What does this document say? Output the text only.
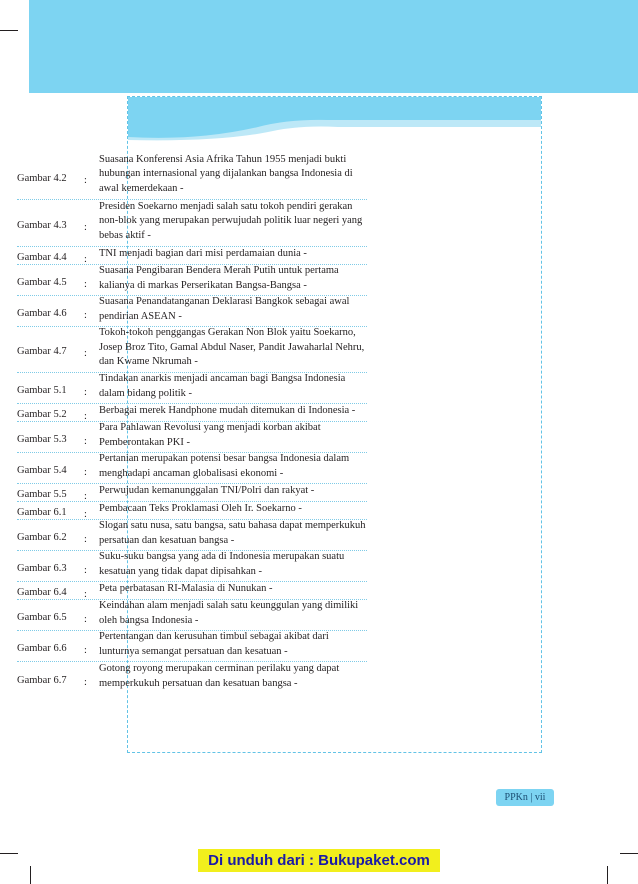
Gambar 4.2 :
Suasana Konferensi Asia Afrika Tahun 1955 menjadi bukti hubungan internasional yang dijalankan bangsa Indonesia di awal kemerdekaan -
Gambar 4.3 :
Presiden Soekarno menjadi salah satu tokoh pendiri gerakan non-blok yang merupakan perwujudah politik luar negeri yang bebas aktif -
Gambar 4.4 :
TNI menjadi bagian dari misi perdamaian dunia -
Gambar 4.5 :
Suasana Pengibaran Bendera Merah Putih untuk pertama kalianya di markas Perserikatan Bangsa-Bangsa -
Gambar 4.6 :
Suasana Penandatanganan Deklarasi Bangkok sebagai awal pendirian ASEAN -
Gambar 4.7 :
Tokoh-tokoh penggangas Gerakan Non Blok yaitu Soekarno, Josep Broz Tito, Gamal Abdul Naser, Pandit Jawaharlal Nehru, dan Kwame Nkrumah -
Gambar 5.1 :
Tindakan anarkis menjadi ancaman bagi Bangsa Indonesia dalam bidang politik -
Gambar 5.2 :
Berbagai merek Handphone mudah ditemukan di Indonesia -
Gambar 5.3 :
Para Pahlawan Revolusi yang menjadi korban akibat Pemberontakan PKI -
Gambar 5.4 :
Pertanian merupakan potensi besar bangsa Indonesia dalam menghadapi ancaman globalisasi ekonomi -
Gambar 5.5 :
Perwujudan kemanunggalan TNI/Polri dan rakyat -
Gambar 6.1 :
Pembacaan Teks Proklamasi Oleh Ir. Soekarno -
Gambar 6.2 :
Slogan satu nusa, satu bangsa, satu bahasa dapat memperkukuh persatuan dan kesatuan bangsa -
Gambar 6.3 :
Suku-suku bangsa yang ada di Indonesia merupakan suatu kesatuan yang tidak dapat dipisahkan -
Gambar 6.4 :
Peta perbatasan RI-Malasia di Nunukan -
Gambar 6.5 :
Keindahan alam menjadi salah satu keunggulan yang dimiliki oleh bangsa Indonesia -
Gambar 6.6 :
Pertentangan dan kerusuhan timbul sebagai akibat dari lunturnya semangat persatuan dan kesatuan -
Gambar 6.7 :
Gotong royong merupakan cerminan perilaku yang dapat memperkukuh persatuan dan kesatuan bangsa -
PPKn | vii
Di unduh dari : Bukupaket.com
